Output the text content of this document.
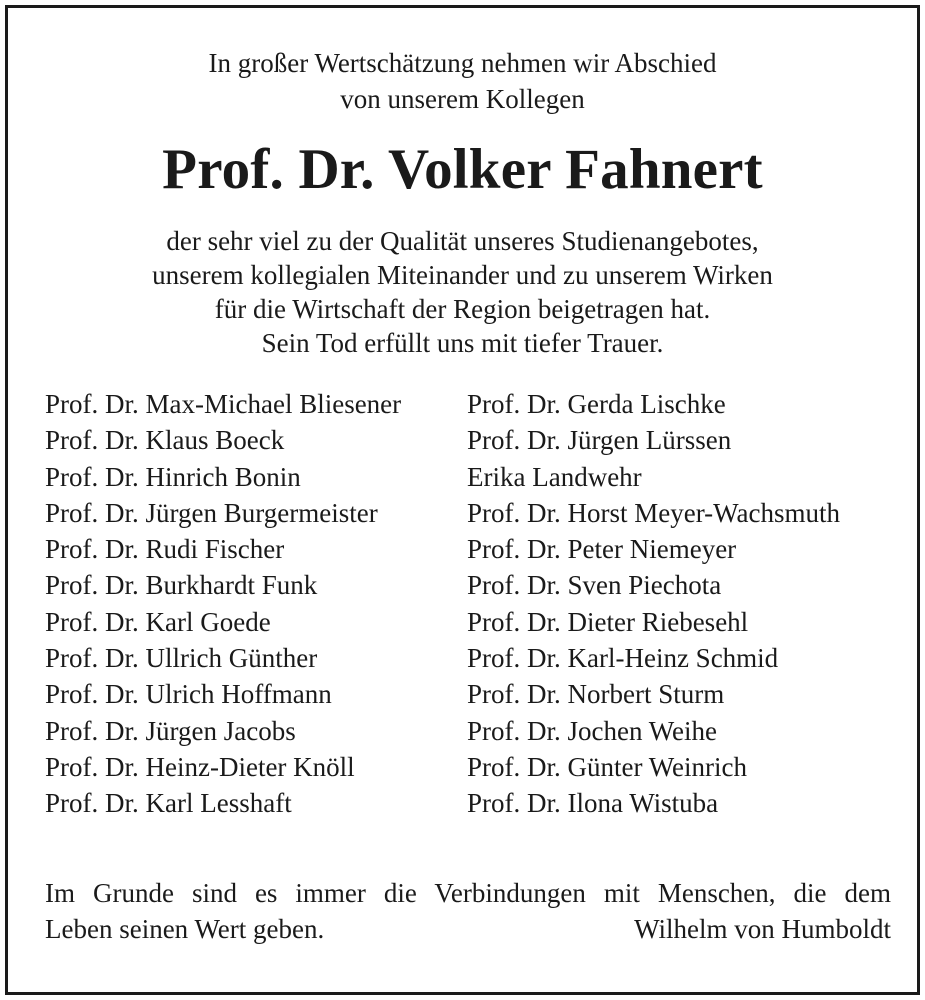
In großer Wertschätzung nehmen wir Abschied
von unserem Kollegen
Prof. Dr. Volker Fahnert
der sehr viel zu der Qualität unseres Studienangebotes,
unserem kollegialen Miteinander und zu unserem Wirken
für die Wirtschaft der Region beigetragen hat.
Sein Tod erfüllt uns mit tiefer Trauer.
Prof. Dr. Max-Michael Bliesener
Prof. Dr. Klaus Boeck
Prof. Dr. Hinrich Bonin
Prof. Dr. Jürgen Burgermeister
Prof. Dr. Rudi Fischer
Prof. Dr. Burkhardt Funk
Prof. Dr. Karl Goede
Prof. Dr. Ullrich Günther
Prof. Dr. Ulrich Hoffmann
Prof. Dr. Jürgen Jacobs
Prof. Dr. Heinz-Dieter Knöll
Prof. Dr. Karl Lesshaft
Prof. Dr. Gerda Lischke
Prof. Dr. Jürgen Lürssen
Erika Landwehr
Prof. Dr. Horst Meyer-Wachsmuth
Prof. Dr. Peter Niemeyer
Prof. Dr. Sven Piechota
Prof. Dr. Dieter Riebesehl
Prof. Dr. Karl-Heinz Schmid
Prof. Dr. Norbert Sturm
Prof. Dr. Jochen Weihe
Prof. Dr. Günter Weinrich
Prof. Dr. Ilona Wistuba
Im Grunde sind es immer die Verbindungen mit Menschen, die dem
Leben seinen Wert geben.	Wilhelm von Humboldt
